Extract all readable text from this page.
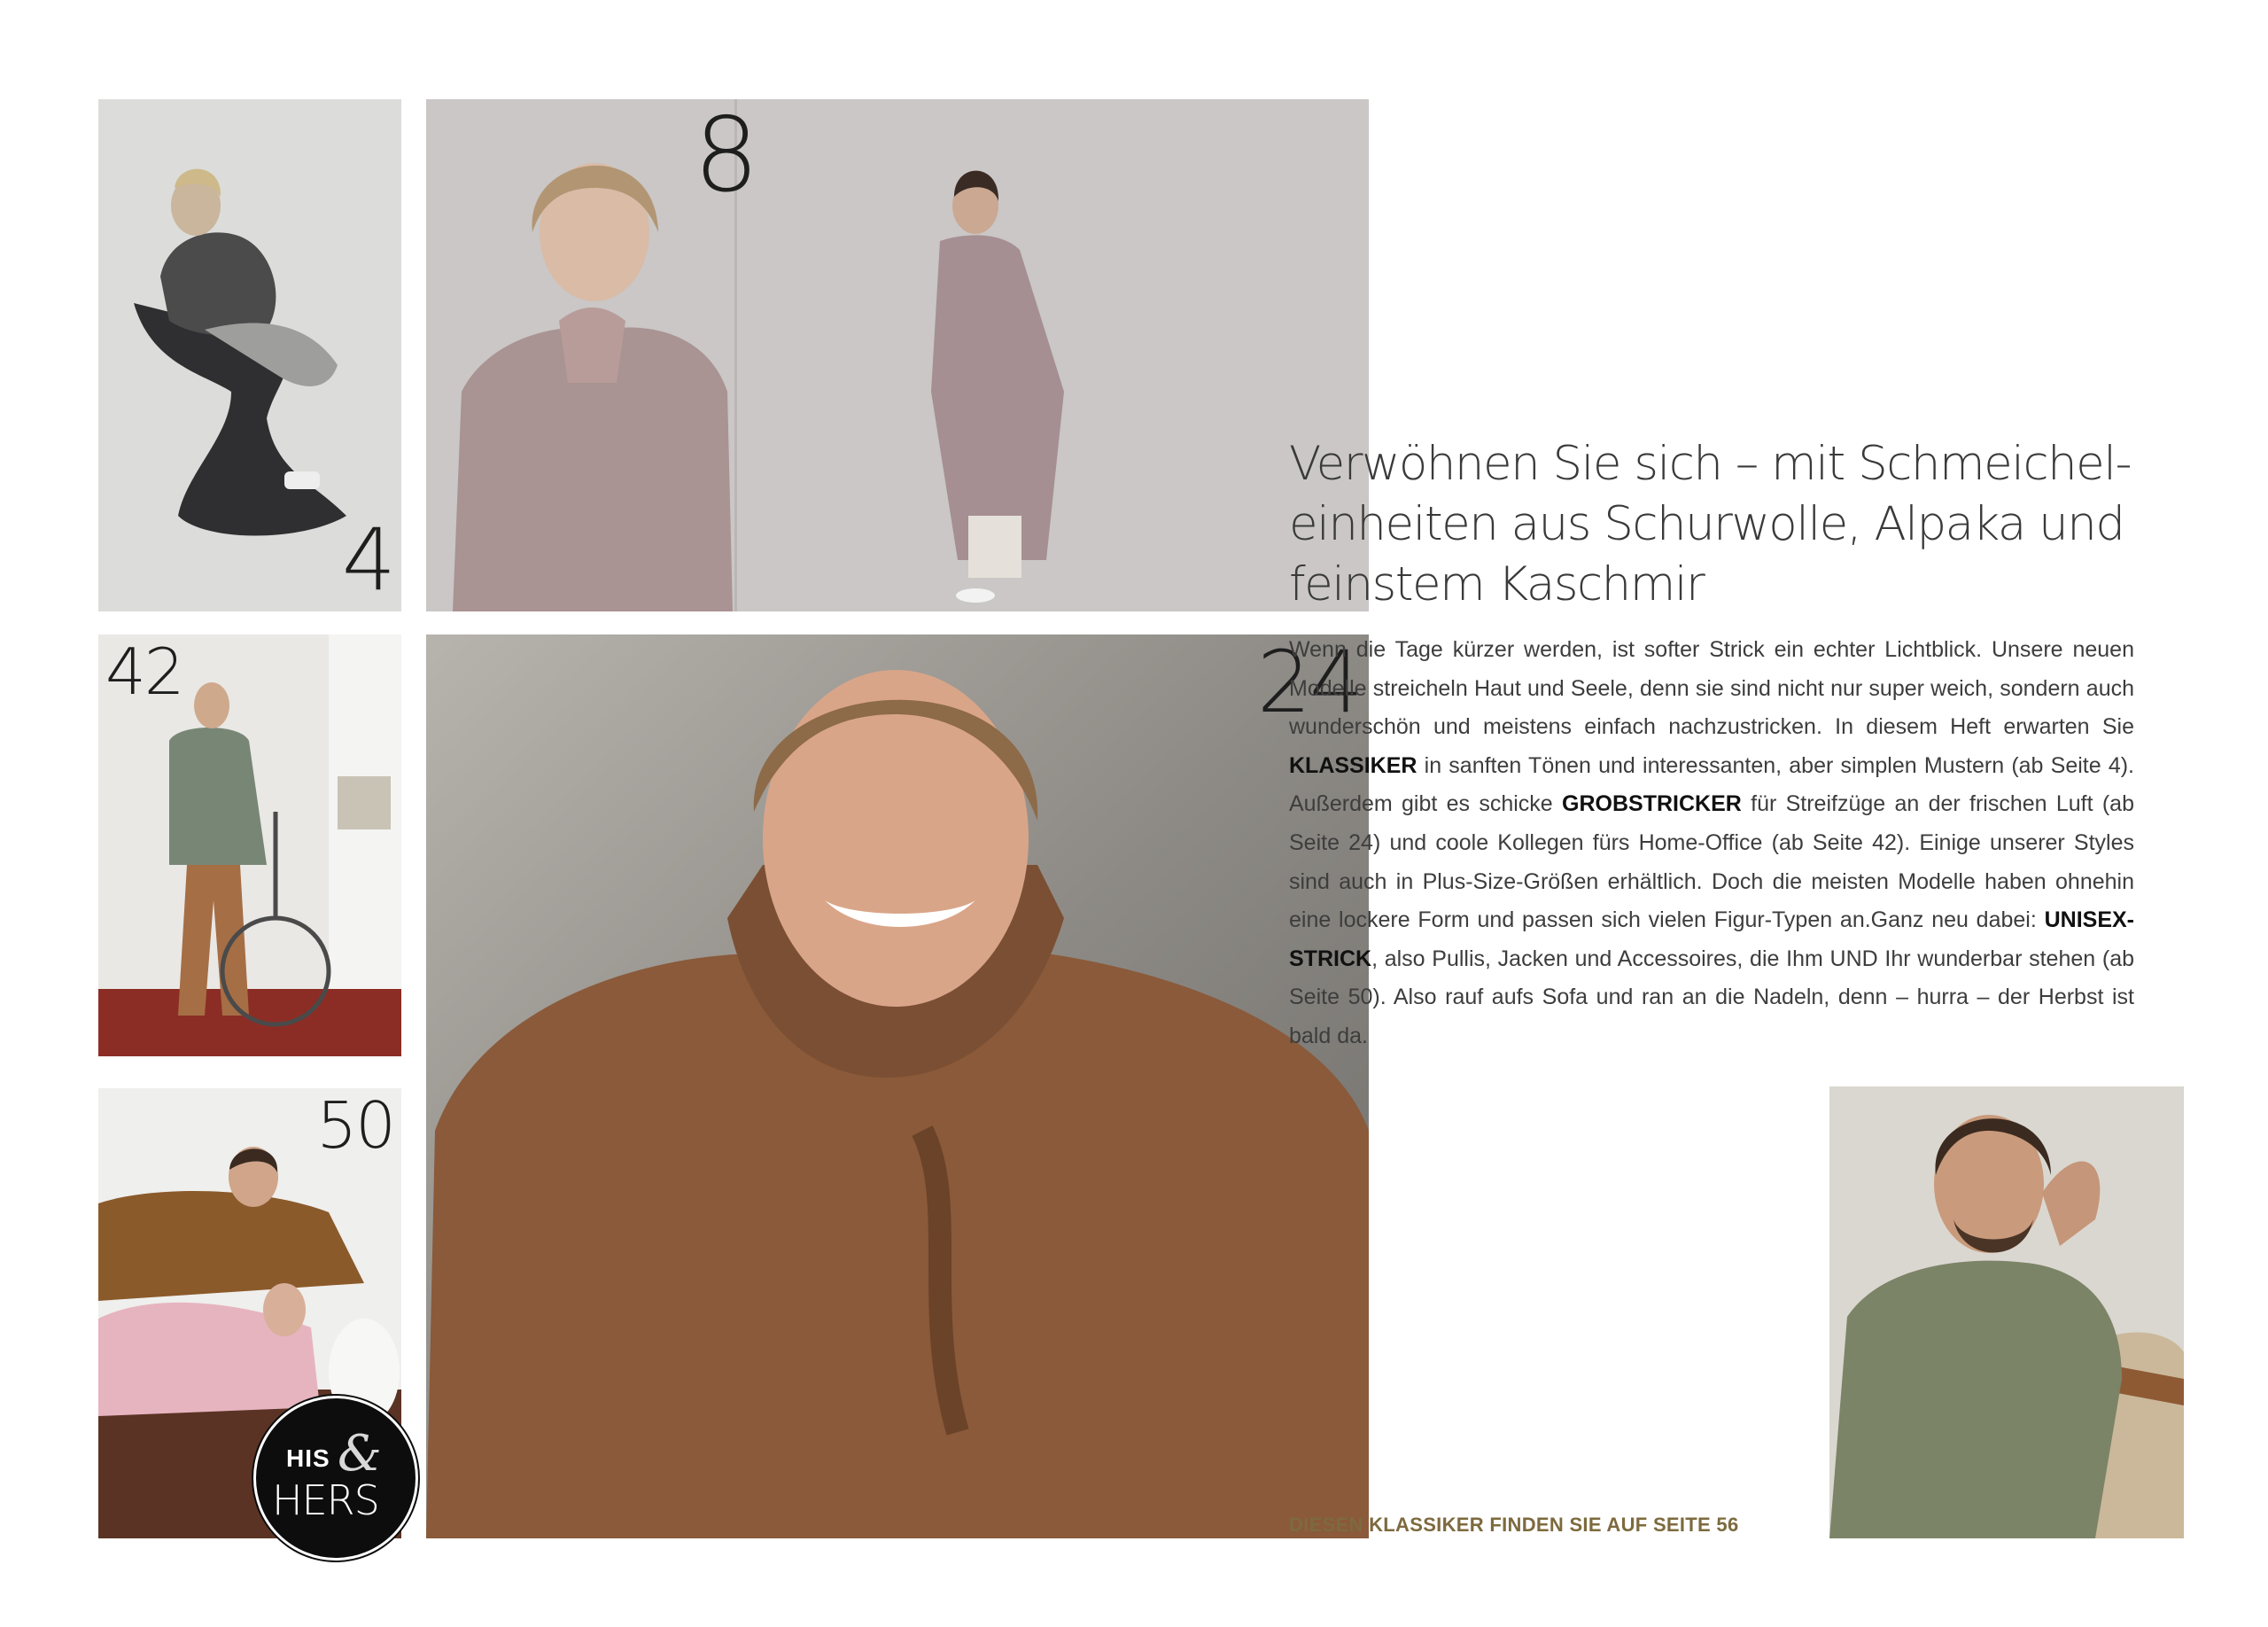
4
8
42
50
24
HIS &
HERS
Verwöhnen Sie sich – mit Schmeichel-einheiten aus Schurwolle, Alpaka und feinstem Kaschmir

Wenn die Tage kürzer werden, ist softer Strick ein echter Lichtblick. Unsere neuen Modelle streicheln Haut und Seele, denn sie sind nicht nur super weich, sondern auch wunderschön und meistens einfach nachzustricken. In diesem Heft erwarten Sie KLASSIKER in sanften Tönen und interessanten, aber simplen Mustern (ab Seite 4). Außerdem gibt es schicke GROBSTRICKER für Streifzüge an der frischen Luft (ab Seite 24) und coole Kollegen fürs Home-Office (ab Seite 42). Einige unserer Styles sind auch in Plus-Size-Größen erhältlich. Doch die meisten Modelle haben ohnehin eine lockere Form und passen sich vielen Figur-Typen an.Ganz neu dabei: UNISEX-STRICK, also Pullis, Jacken und Accessoires, die Ihm UND Ihr wunderbar stehen (ab Seite 50). Also rauf aufs Sofa und ran an die Nadeln, denn – hurra – der Herbst ist bald da.

DIESEN KLASSIKER FINDEN SIE AUF SEITE 56
